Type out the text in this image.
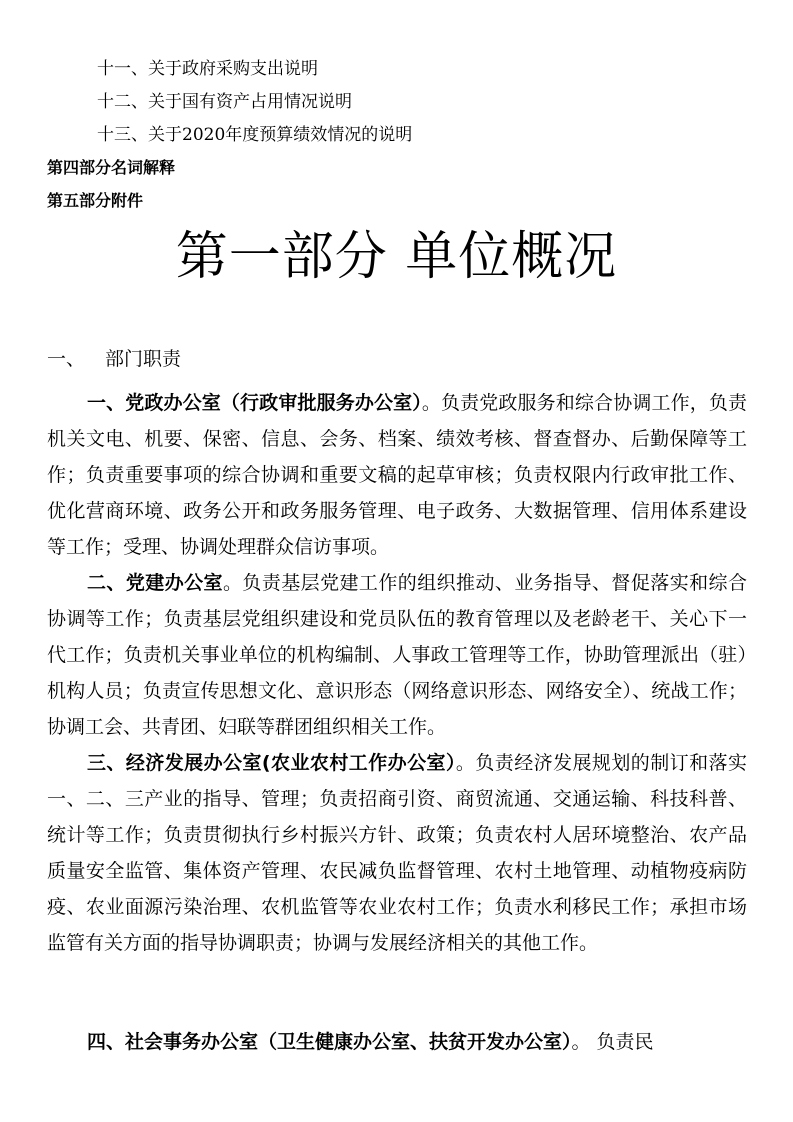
十一、关于政府采购支出说明
十二、关于国有资产占用情况说明
十三、关于2020年度预算绩效情况的说明
第四部分名词解释
第五部分附件
第一部分 单位概况
一、 部门职责

一、党政办公室（行政审批服务办公室）。负责党政服务和综合协调工作，负责机关文电、机要、保密、信息、会务、档案、绩效考核、督查督办、后勤保障等工作；负责重要事项的综合协调和重要文稿的起草审核；负责权限内行政审批工作、优化营商环境、政务公开和政务服务管理、电子政务、大数据管理、信用体系建设等工作；受理、协调处理群众信访事项。

二、党建办公室。负责基层党建工作的组织推动、业务指导、督促落实和综合协调等工作；负责基层党组织建设和党员队伍的教育管理以及老龄老干、关心下一代工作；负责机关事业单位的机构编制、人事政工管理等工作，协助管理派出（驻）机构人员；负责宣传思想文化、意识形态（网络意识形态、网络安全）、统战工作；协调工会、共青团、妇联等群团组织相关工作。

三、经济发展办公室(农业农村工作办公室）。负责经济发展规划的制订和落实一、二、三产业的指导、管理；负责招商引资、商贸流通、交通运输、科技科普、统计等工作；负责贯彻执行乡村振兴方针、政策；负责农村人居环境整治、农产品质量安全监管、集体资产管理、农民减负监督管理、农村土地管理、动植物疫病防疫、农业面源污染治理、农机监管等农业农村工作；负责水利移民工作；承担市场监管有关方面的指导协调职责；协调与发展经济相关的其他工作。

四、社会事务办公室（卫生健康办公室、扶贫开发办公室）。 负责民
